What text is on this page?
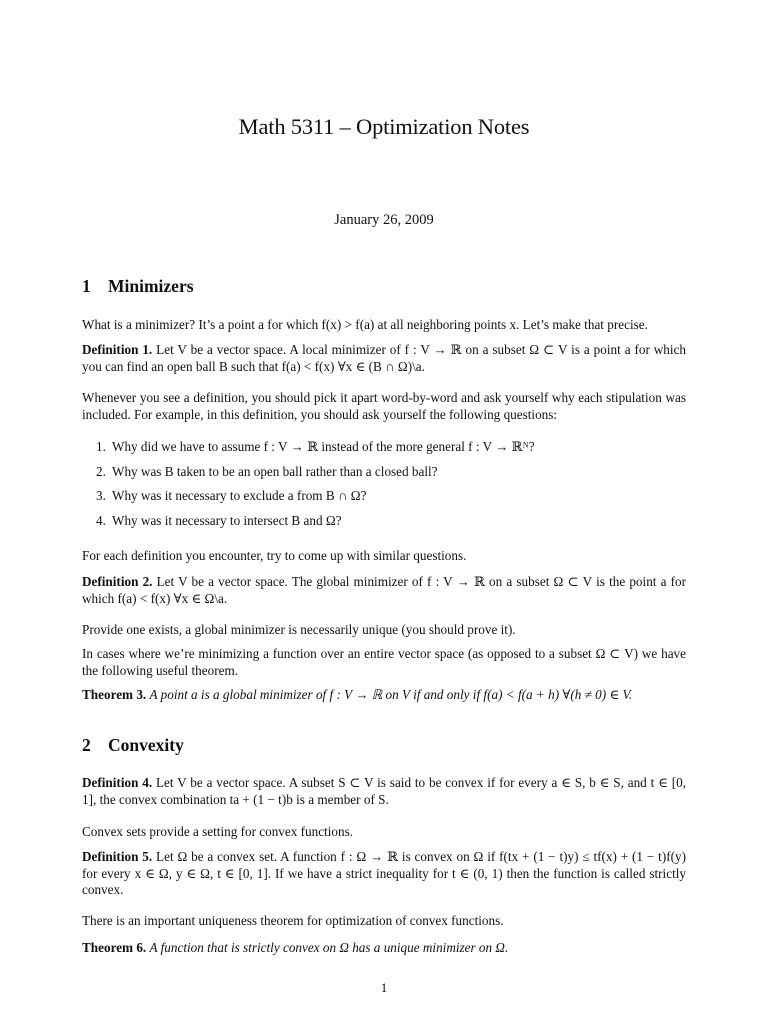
Math 5311 – Optimization Notes
January 26, 2009
1 Minimizers
What is a minimizer? It’s a point a for which f(x) > f(a) at all neighboring points x. Let’s make that precise.
Definition 1. Let V be a vector space. A local minimizer of f : V → ℝ on a subset Ω ⊂ V is a point a for which you can find an open ball B such that f(a) < f(x) ∀x ∈ (B ∩ Ω)\a.
Whenever you see a definition, you should pick it apart word-by-word and ask yourself why each stipulation was included. For example, in this definition, you should ask yourself the following questions:
1. Why did we have to assume f : V → ℝ instead of the more general f : V → ℝᴺ?
2. Why was B taken to be an open ball rather than a closed ball?
3. Why was it necessary to exclude a from B ∩ Ω?
4. Why was it necessary to intersect B and Ω?
For each definition you encounter, try to come up with similar questions.
Definition 2. Let V be a vector space. The global minimizer of f : V → ℝ on a subset Ω ⊂ V is the point a for which f(a) < f(x) ∀x ∈ Ω\a.
Provide one exists, a global minimizer is necessarily unique (you should prove it).
In cases where we’re minimizing a function over an entire vector space (as opposed to a subset Ω ⊂ V) we have the following useful theorem.
Theorem 3. A point a is a global minimizer of f : V → ℝ on V if and only if f(a) < f(a + h) ∀(h ≠ 0) ∈ V.
2 Convexity
Definition 4. Let V be a vector space. A subset S ⊂ V is said to be convex if for every a ∈ S, b ∈ S, and t ∈ [0, 1], the convex combination ta + (1 − t)b is a member of S.
Convex sets provide a setting for convex functions.
Definition 5. Let Ω be a convex set. A function f : Ω → ℝ is convex on Ω if f(tx + (1 − t)y) ≤ tf(x) + (1 − t)f(y) for every x ∈ Ω, y ∈ Ω, t ∈ [0, 1]. If we have a strict inequality for t ∈ (0, 1) then the function is called strictly convex.
There is an important uniqueness theorem for optimization of convex functions.
Theorem 6. A function that is strictly convex on Ω has a unique minimizer on Ω.
1
